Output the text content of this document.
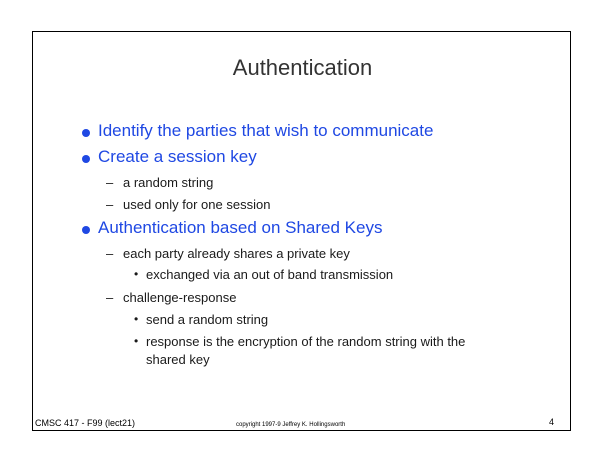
Authentication
Identify the parties that wish to communicate
Create a session key
– a random string
– used only for one session
Authentication based on Shared Keys
– each party already shares a private key
• exchanged via an out of band transmission
– challenge-response
• send a random string
• response is the encryption of the random string with the
shared key
CMSC 417 - F99 (lect21)	copyright 1997-9 Jeffrey K. Hollingsworth	4
